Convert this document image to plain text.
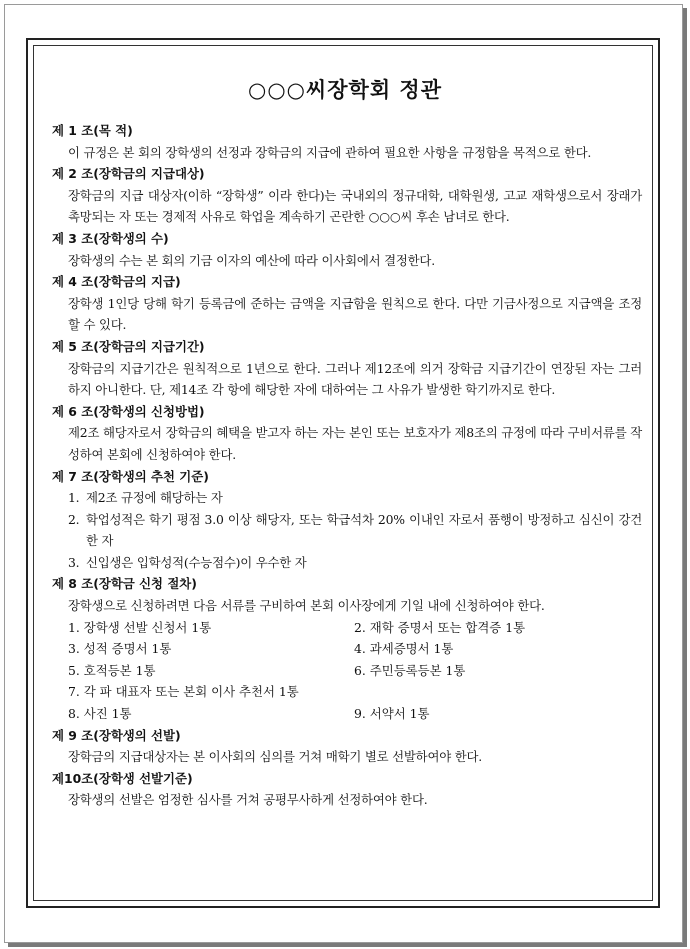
○○○씨장학회 정관
제 1 조(목 적)
이 규정은 본 회의 장학생의 선정과 장학금의 지급에 관하여 필요한 사항을 규정함을 목적으로 한다.
제 2 조(장학금의 지급대상)
장학금의 지급 대상자(이하 “장학생” 이라 한다)는 국내외의 정규대학, 대학원생, 고교 재학생으로서 장래가 촉망되는 자 또는 경제적 사유로 학업을 계속하기 곤란한 ○○○씨 후손 남녀로 한다.
제 3 조(장학생의 수)
장학생의 수는 본 회의 기금 이자의 예산에 따라 이사회에서 결정한다.
제 4 조(장학금의 지급)
장학생 1인당 당해 학기 등록금에 준하는 금액을 지급함을 원칙으로 한다. 다만 기금사정으로 지급액을 조정할 수 있다.
제 5 조(장학금의 지급기간)
장학금의 지급기간은 원칙적으로 1년으로 한다. 그러나 제12조에 의거 장학금 지급기간이 연장된 자는 그러하지 아니한다. 단, 제14조 각 항에 해당한 자에 대하여는 그 사유가 발생한 학기까지로 한다.
제 6 조(장학생의 신청방법)
제2조 해당자로서 장학금의 혜택을 받고자 하는 자는 본인 또는 보호자가 제8조의 규정에 따라 구비서류를 작성하여 본회에 신청하여야 한다.
제 7 조(장학생의 추천 기준)
1. 제2조 규정에 해당하는 자
2. 학업성적은 학기 평점 3.0 이상 해당자, 또는 학급석차 20% 이내인 자로서 품행이 방정하고 심신이 강건한 자
3. 신입생은 입학성적(수능점수)이 우수한 자
제 8 조(장학금 신청 절차)
장학생으로 신청하려면 다음 서류를 구비하여 본회 이사장에게 기일 내에 신청하여야 한다.
1. 장학생 선발 신청서 1통	2. 재학 증명서 또는 합격증 1통
3. 성적 증명서 1통	4. 과세증명서 1통
5. 호적등본 1통	6. 주민등록등본 1통
7. 각 파 대표자 또는 본회 이사 추천서 1통
8. 사진 1통	9. 서약서 1통
제 9 조(장학생의 선발)
장학금의 지급대상자는 본 이사회의 심의를 거쳐 매학기 별로 선발하여야 한다.
제10조(장학생 선발기준)
장학생의 선발은 엄정한 심사를 거쳐 공평무사하게 선정하여야 한다.
